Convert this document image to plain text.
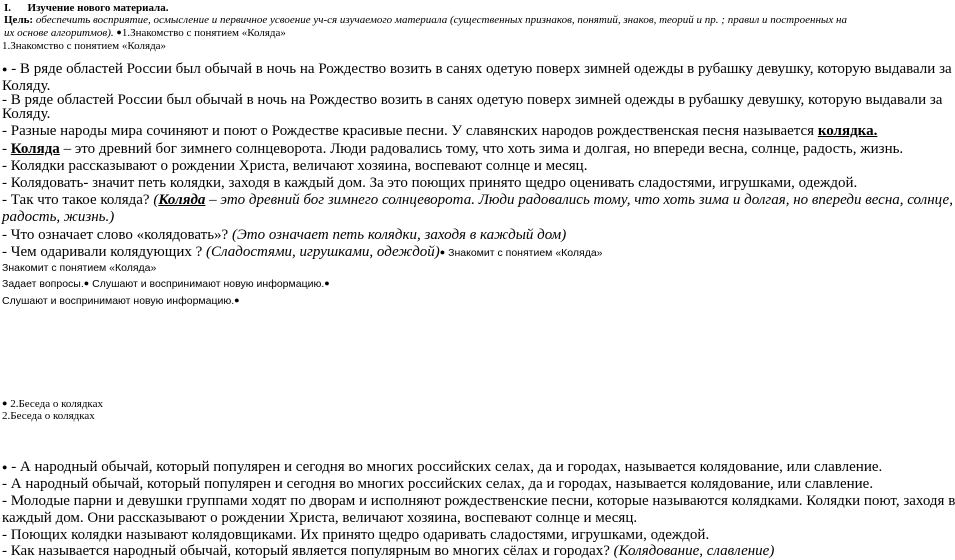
I.      Изучение нового материала.
Цель: обеспечить восприятие, осмысление и первичное усвоение уч-ся изучаемого материала (существенных признаков, понятий, знаков, теорий и пр. ; правил и построенных на
их основе алгоритмов). ●1.Знакомство с понятием «Коляда»
1.Знакомство с понятием «Коляда»
● - В ряде областей России был обычай в ночь на Рождество возить в санях одетую поверх зимней одежды в рубашку девушку, которую выдавали за
Коляду.
- В ряде областей России был обычай в ночь на Рождество возить в санях одетую поверх зимней одежды в рубашку девушку, которую выдавали за
Коляду.
- Разные народы мира сочиняют и поют о Рождестве красивые песни. У славянских народов рождественская песня называется колядка.
- Коляда – это древний бог зимнего солнцеворота. Люди радовались тому, что хоть зима и долгая, но впереди весна, солнце, радость, жизнь.
- Колядки рассказывают о рождении Христа, величают хозяина, воспевают солнце и месяц.
- Колядовать- значит петь колядки, заходя в каждый дом. За это поющих принято щедро оценивать сладостями, игрушками, одеждой.
- Так что такое коляда? (Коляда – это древний бог зимнего солнцеворота. Люди радовались тому, что хоть зима и долгая, но впереди весна, солнце,
радость, жизнь.)
- Что означает слово «колядовать»? (Это означает петь колядки, заходя в каждый дом)
- Чем одаривали колядующих ? (Сладостями, игрушками, одеждой)● Знакомит с понятием «Коляда»
Знакомит с понятием «Коляда»
Задает вопросы.● Слушают и воспринимают новую информацию.●
Слушают и воспринимают новую информацию.●
● 2.Беседа о колядках
2.Беседа о колядках
● - А народный обычай, который популярен и сегодня во многих российских селах, да и городах, называется колядование, или славление.
- А народный обычай, который популярен и сегодня во многих российских селах, да и городах, называется колядование, или славление.
- Молодые парни и девушки группами ходят по дворам и исполняют рождественские песни, которые называются колядками. Колядки поют, заходя в
каждый дом. Они рассказывают о рождении Христа, величают хозяина, воспевают солнце и месяц.
- Поющих колядки называют колядовщиками. Их принято щедро одаривать сладостями, игрушками, одеждой.
- Как называется народный обычай, который является популярным во многих сёлах и городах? (Колядование, славление)
